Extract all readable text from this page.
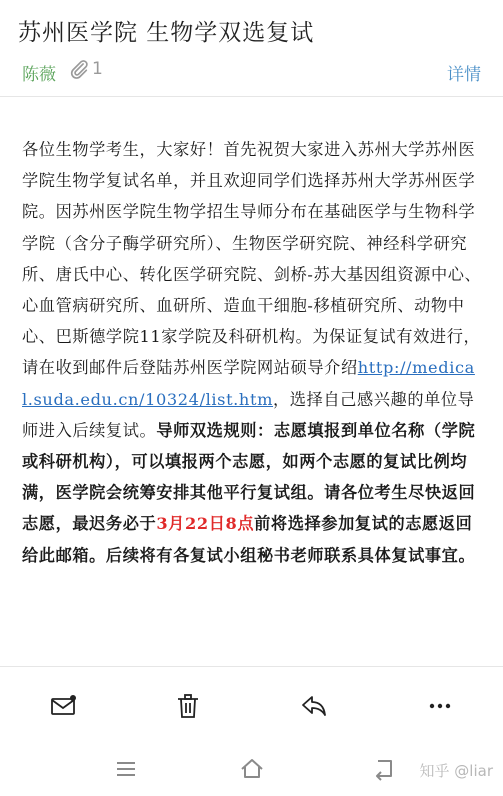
苏州医学院 生物学双选复试
陈薇 1	详情

各位生物学考生，大家好！首先祝贺大家进入苏州大学苏州医学院生物学复试名单，并且欢迎同学们选择苏州大学苏州医学院。因苏州医学院生物学招生导师分布在基础医学与生物科学学院（含分子酶学研究所）、生物医学研究院、神经科学研究所、唐氏中心、转化医学研究院、剑桥-苏大基因组资源中心、心血管病研究所、血研所、造血干细胞-移植研究所、动物中心、巴斯德学院11家学院及科研机构。为保证复试有效进行，请在收到邮件后登陆苏州医学院网站硕导介绍http://medical.suda.edu.cn/10324/list.htm，选择自己感兴趣的单位导师进入后续复试。导师双选规则：志愿填报到单位名称（学院或科研机构），可以填报两个志愿，如两个志愿的复试比例均满，医学院会统筹安排其他平行复试组。请各位考生尽快返回志愿，最迟务必于3月22日8点前将选择参加复试的志愿返回给此邮箱。后续将有各复试小组秘书老师联系具体复试事宜。

知乎 @liar
